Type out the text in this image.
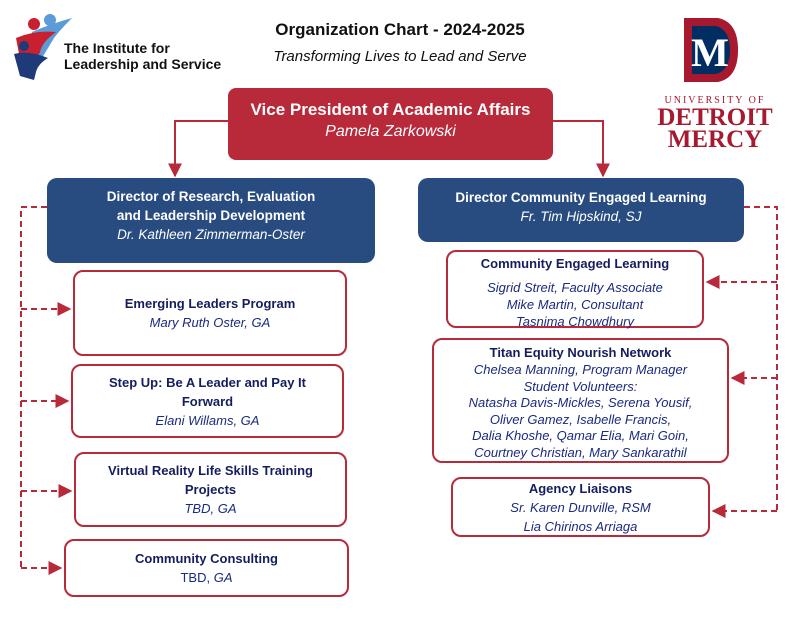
The Institute for
Leadership and Service
Organization Chart - 2024-2025
Transforming Lives to Lead and Serve	M
UNIVERSITY OF
DETROIT
MERCY
Vice President of Academic Affairs
Pamela Zarkowski
Director of Research, Evaluation
and Leadership Development
Dr. Kathleen Zimmerman-Oster
Director Community Engaged Learning
Fr. Tim Hipskind, SJ
Emerging Leaders Program
Mary Ruth Oster, GA
Step Up: Be A Leader and Pay It
Forward
Elani Willams, GA
Virtual Reality Life Skills Training
Projects
TBD, GA
Community Consulting
TBD, GA
Community Engaged Learning
Sigrid Streit, Faculty Associate
Mike Martin, Consultant
Tasnima Chowdhury
Titan Equity Nourish Network
Chelsea Manning, Program Manager
Student Volunteers:
Natasha Davis-Mickles, Serena Yousif,
Oliver Gamez, Isabelle Francis,
Dalia Khoshe, Qamar Elia, Mari Goin,
Courtney Christian, Mary Sankarathil
Agency Liaisons
Sr. Karen Dunville, RSM
Lia Chirinos Arriaga
